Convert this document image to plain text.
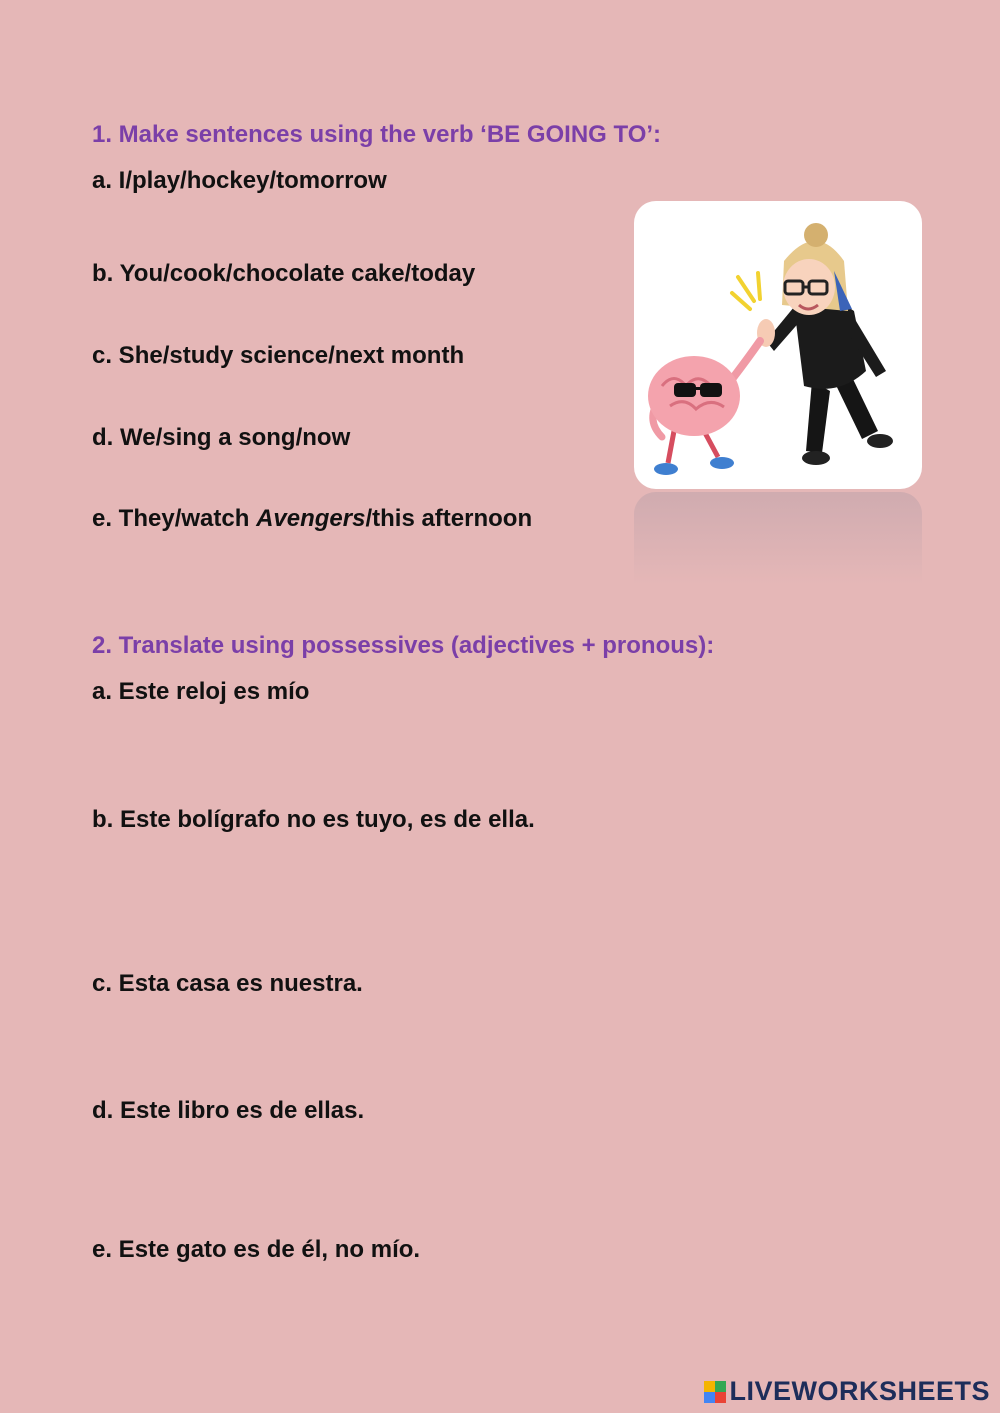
1. Make sentences using the verb ‘BE GOING TO’:

a. I/play/hockey/tomorrow

b. You/cook/chocolate cake/today

c. She/study science/next month

d. We/sing a song/now

e. They/watch Avengers/this afternoon

2. Translate using possessives (adjectives + pronous):

a. Este reloj es mío

b. Este bolígrafo no es tuyo, es de ella.

c. Esta casa es nuestra.

d. Este libro es de ellas.

e. Este gato es de él, no mío.

LIVEWORKSHEETS
